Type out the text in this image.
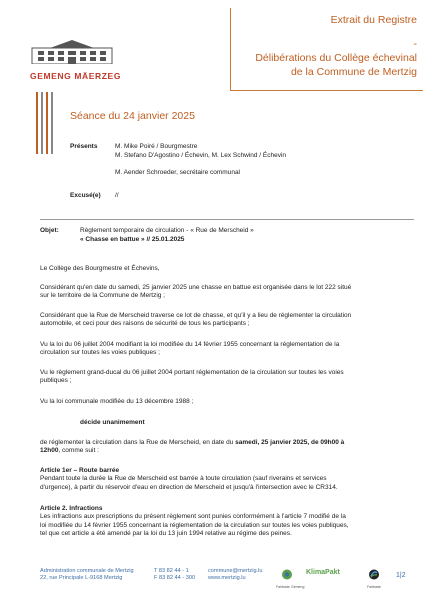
GEMENG MÄERZEG
Extrait du Registre
-
Délibérations du Collège échevinal
de la Commune de Mertzig
Séance du 24 janvier 2025
Présents	M. Mike Poiré / Bourgmestre
M. Stefano D'Agostino / Échevin, M. Lex Schwind / Échevin
M. Aender Schroeder, secrétaire communal
Excusé(e) //
Objet:	Règlement temporaire de circulation - « Rue de Merscheid »
« Chasse en battue » // 25.01.2025
Le Collège des Bourgmestre et Échevins,
Considérant qu'en date du samedi, 25 janvier 2025 une chasse en battue est organisée dans le lot 222 situé
sur le territoire de la Commune de Mertzig ;
Considérant que la Rue de Merscheid traverse ce lot de chasse, et qu'il y a lieu de réglementer la circulation
automobile, et ceci pour des raisons de sécurité de tous les participants ;
Vu la loi du 06 juillet 2004 modifiant la loi modifiée du 14 février 1955 concernant la réglementation de la
circulation sur toutes les voies publiques ;
Vu le règlement grand-ducal du 06 juillet 2004 portant réglementation de la circulation sur toutes les voies
publiques ;
Vu la loi communale modifiée du 13 décembre 1988 ;
décide unanimement
de réglementer la circulation dans la Rue de Merscheid, en date du samedi, 25 janvier 2025, de 09h00 à
12h00, comme suit :
Article 1er – Route barrée
Pendant toute la durée la Rue de Merscheid est barrée à toute circulation (sauf riverains et services
d'urgence), à partir du réservoir d'eau en direction de Merscheid et jusqu'à l'intersection avec le CR314.
Article 2. Infractions
Les infractions aux prescriptions du présent règlement sont punies conformément à l'article 7 modifié de la
loi modifiée du 14 février 1955 concernant la réglementation de la circulation sur toutes les voies publiques,
tel que cet article a été amendé par la loi du 13 juin 1994 relative au régime des peines.
Administration communale de Mertzig
22, rue Principale L-9168 Mertzig
T 83 82 44 - 1
F 83 82 44 - 300
commune@mertzig.lu
www.mertzig.lu
Fairtrade Gemeng
KlimaPakt
Fairtrade
1|2
